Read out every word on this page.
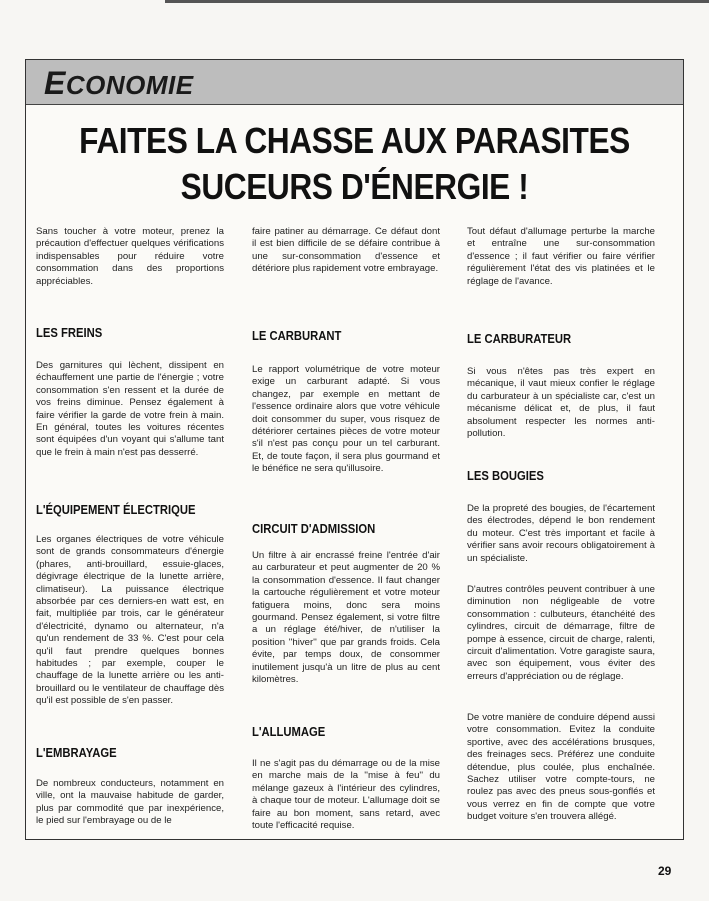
ECONOMIE
FAITES LA CHASSE AUX PARASITES
SUCEURS D'ÉNERGIE !

Sans toucher à votre moteur, prenez la précaution d'effectuer quelques vérifications indispensables pour réduire votre consommation dans des proportions appréciables.

LES FREINS

Des garnitures qui lèchent, dissipent en échauffement une partie de l'énergie ; votre consommation s'en ressent et la durée de vos freins diminue. Pensez également à faire vérifier la garde de votre frein à main. En général, toutes les voitures récentes sont équipées d'un voyant qui s'allume tant que le frein à main n'est pas desserré.

L'ÉQUIPEMENT ÉLECTRIQUE

Les organes électriques de votre véhicule sont de grands consommateurs d'énergie (phares, anti-brouillard, essuie-glaces, dégivrage électrique de la lunette arrière, climatiseur). La puissance électrique absorbée par ces derniers-en watt est, en fait, multipliée par trois, car le générateur d'électricité, dynamo ou alternateur, n'a qu'un rendement de 33 %. C'est pour cela qu'il faut prendre quelques bonnes habitudes ; par exemple, couper le chauffage de la lunette arrière ou les anti-brouillard ou le ventilateur de chauffage dès qu'il est possible de s'en passer.

L'EMBRAYAGE

De nombreux conducteurs, notamment en ville, ont la mauvaise habitude de garder, plus par commodité que par inexpérience, le pied sur l'embrayage ou de le

faire patiner au démarrage. Ce défaut dont il est bien difficile de se défaire contribue à une sur-consommation d'essence et détériore plus rapidement votre embrayage.

LE CARBURANT

Le rapport volumétrique de votre moteur exige un carburant adapté. Si vous changez, par exemple en mettant de l'essence ordinaire alors que votre véhicule doit consommer du super, vous risquez de détériorer certaines pièces de votre moteur s'il n'est pas conçu pour un tel carburant. Et, de toute façon, il sera plus gourmand et le bénéfice ne sera qu'illusoire.

CIRCUIT D'ADMISSION

Un filtre à air encrassé freine l'entrée d'air au carburateur et peut augmenter de 20 % la consommation d'essence. Il faut changer la cartouche régulièrement et votre moteur fatiguera moins, donc sera moins gourmand. Pensez également, si votre filtre a un réglage été/hiver, de n'utiliser la position ''hiver'' que par grands froids. Cela évite, par temps doux, de consommer inutilement jusqu'à un litre de plus au cent kilomètres.

L'ALLUMAGE

Il ne s'agit pas du démarrage ou de la mise en marche mais de la ''mise à feu'' du mélange gazeux à l'intérieur des cylindres, à chaque tour de moteur. L'allumage doit se faire au bon moment, sans retard, avec toute l'efficacité requise.

Tout défaut d'allumage perturbe la marche et entraîne une sur-consommation d'essence ; il faut vérifier ou faire vérifier régulièrement l'état des vis platinées et le réglage de l'avance.

LE CARBURATEUR

Si vous n'êtes pas très expert en mécanique, il vaut mieux confier le réglage du carburateur à un spécialiste car, c'est un mécanisme délicat et, de plus, il faut absolument respecter les normes anti-pollution.

LES BOUGIES

De la propreté des bougies, de l'écartement des électrodes, dépend le bon rendement du moteur. C'est très important et facile à vérifier sans avoir recours obligatoirement à un spécialiste.

D'autres contrôles peuvent contribuer à une diminution non négligeable de votre consommation : culbuteurs, étanchéité des cylindres, circuit de démarrage, filtre de pompe à essence, circuit de charge, ralenti, circuit d'alimentation. Votre garagiste saura, avec son équipement, vous éviter des erreurs d'appréciation ou de réglage.

De votre manière de conduire dépend aussi votre consommation. Evitez la conduite sportive, avec des accélérations brusques, des freinages secs. Préférez une conduite détendue, plus coulée, plus enchaînée. Sachez utiliser votre compte-tours, ne roulez pas avec des pneus sous-gonflés et vous verrez en fin de compte que votre budget voiture s'en trouvera allégé.

29
